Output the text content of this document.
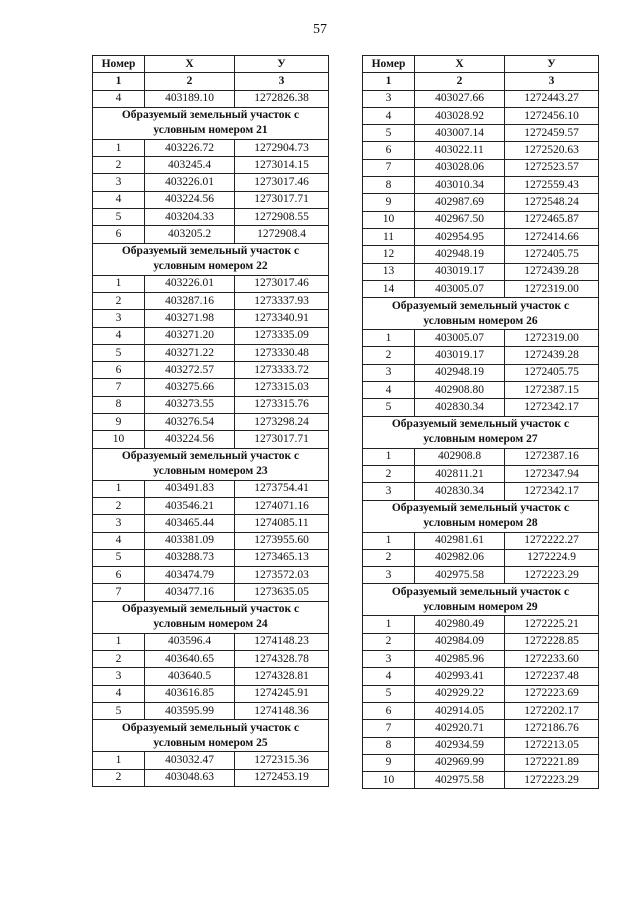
57
Номер	X	У
1	2	3
4	403189.10	1272826.38
Образуемый земельный участок с условным номером 21		
1	403226.72	1272904.73
2	403245.4	1273014.15
3	403226.01	1273017.46
4	403224.56	1273017.71
5	403204.33	1272908.55
6	403205.2	1272908.4
Образуемый земельный участок с условным номером 22		
1	403226.01	1273017.46
2	403287.16	1273337.93
3	403271.98	1273340.91
4	403271.20	1273335.09
5	403271.22	1273330.48
6	403272.57	1273333.72
7	403275.66	1273315.03
8	403273.55	1273315.76
9	403276.54	1273298.24
10	403224.56	1273017.71
Образуемый земельный участок с условным номером 23		
1	403491.83	1273754.41
2	403546.21	1274071.16
3	403465.44	1274085.11
4	403381.09	1273955.60
5	403288.73	1273465.13
6	403474.79	1273572.03
7	403477.16	1273635.05
Образуемый земельный участок с условным номером 24		
1	403596.4	1274148.23
2	403640.65	1274328.78
3	403640.5	1274328.81
4	403616.85	1274245.91
5	403595.99	1274148.36
Образуемый земельный участок с условным номером 25		
1	403032.47	1272315.36
2	403048.63	1272453.19
Номер	X	У
1	2	3
3	403027.66	1272443.27
4	403028.92	1272456.10
5	403007.14	1272459.57
6	403022.11	1272520.63
7	403028.06	1272523.57
8	403010.34	1272559.43
9	402987.69	1272548.24
10	402967.50	1272465.87
11	402954.95	1272414.66
12	402948.19	1272405.75
13	403019.17	1272439.28
14	403005.07	1272319.00
Образуемый земельный участок с условным номером 26		
1	403005.07	1272319.00
2	403019.17	1272439.28
3	402948.19	1272405.75
4	402908.80	1272387.15
5	402830.34	1272342.17
Образуемый земельный участок с условным номером 27		
1	402908.8	1272387.16
2	402811.21	1272347.94
3	402830.34	1272342.17
Образуемый земельный участок с условным номером 28		
1	402981.61	1272222.27
2	402982.06	1272224.9
3	402975.58	1272223.29
Образуемый земельный участок с условным номером 29		
1	402980.49	1272225.21
2	402984.09	1272228.85
3	402985.96	1272233.60
4	402993.41	1272237.48
5	402929.22	1272223.69
6	402914.05	1272202.17
7	402920.71	1272186.76
8	402934.59	1272213.05
9	402969.99	1272221.89
10	402975.58	1272223.29
